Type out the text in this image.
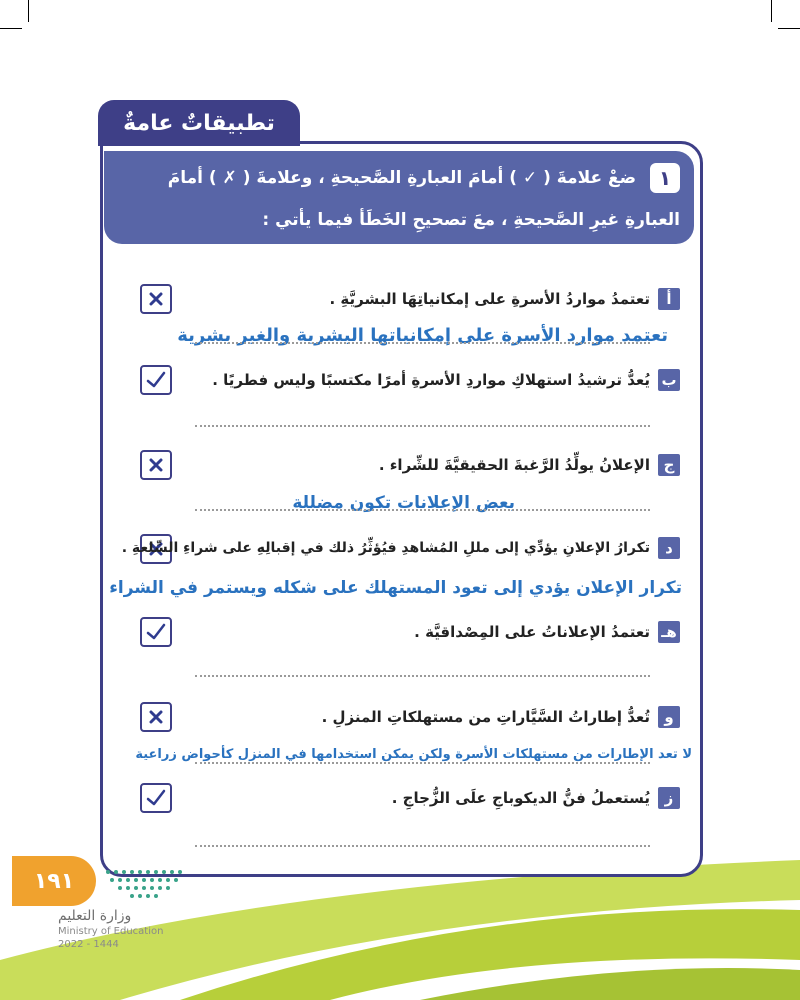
تطبيقاتٌ عامةٌ
١ ضعْ علامةَ ( ✓ ) أمامَ العبارةِ الصَّحيحةِ ، وعلامةَ ( ✗ ) أمامَ العبارةِ غيرِ الصَّحيحةِ ، معَ تصحيحِ الخَطَأ فيما يأتي :
أ
تعتمدُ مواردُ الأسرةِ على إمكانياتِهَا البشريَّةِ .
تعتمد موارد الأسرة على إمكانياتها البشرية والغير بشرية
ب
يُعدُّ ترشيدُ استهلاكِ مواردِ الأسرةِ أمرًا مكتسبًا وليس فطريًا .
ج
الإعلانُ يولِّدُ الرَّغبةَ الحقيقيَّةَ للشِّراء .
بعض الإعلانات تكون مضللة
د
تكرارُ الإعلانِ يؤدِّي إلى مللِ المُشاهدِ فيُؤثِّرُ ذلك في إقبالِهِ على شراءِ السِّلعةِ .
تكرار الإعلان يؤدي إلى تعود المستهلك على شكله ويستمر في الشراء
هـ
تعتمدُ الإعلاناتُ على المِصْداقيَّة .
و
تُعدُّ إطاراتُ السَّيَّاراتِ من مستهلكاتِ المنزلِ .
لا تعد الإطارات من مستهلكات الأسرة ولكن يمكن استخدامها في المنزل كأحواض زراعية
ز
يُستعملُ فنُّ الديكوباجِ علَى الزُّجاجِ .
١٩١
وزارة التعليم
Ministry of Education
2022 - 1444
